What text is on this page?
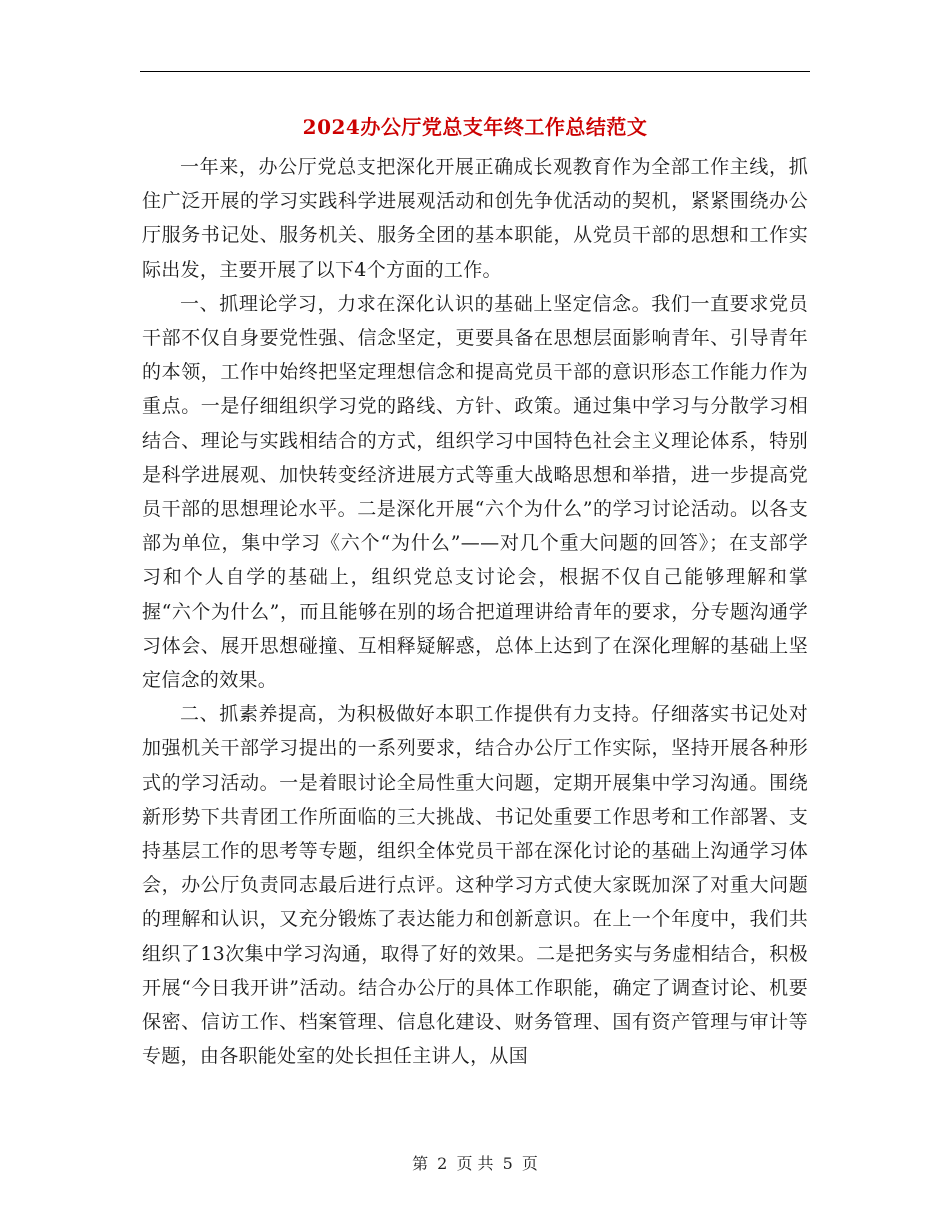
2024办公厅党总支年终工作总结范文

一年来，办公厅党总支把深化开展正确成长观教育作为全部工作主线，抓住广泛开展的学习实践科学进展观活动和创先争优活动的契机，紧紧围绕办公厅服务书记处、服务机关、服务全团的基本职能，从党员干部的思想和工作实际出发，主要开展了以下4个方面的工作。

一、抓理论学习，力求在深化认识的基础上坚定信念。我们一直要求党员干部不仅自身要党性强、信念坚定，更要具备在思想层面影响青年、引导青年的本领，工作中始终把坚定理想信念和提高党员干部的意识形态工作能力作为重点。一是仔细组织学习党的路线、方针、政策。通过集中学习与分散学习相结合、理论与实践相结合的方式，组织学习中国特色社会主义理论体系，特别是科学进展观、加快转变经济进展方式等重大战略思想和举措，进一步提高党员干部的思想理论水平。二是深化开展“六个为什么”的学习讨论活动。以各支部为单位，集中学习《六个“为什么”——对几个重大问题的回答》；在支部学习和个人自学的基础上，组织党总支讨论会，根据不仅自己能够理解和掌握“六个为什么”，而且能够在别的场合把道理讲给青年的要求，分专题沟通学习体会、展开思想碰撞、互相释疑解惑，总体上达到了在深化理解的基础上坚定信念的效果。

二、抓素养提高，为积极做好本职工作提供有力支持。仔细落实书记处对加强机关干部学习提出的一系列要求，结合办公厅工作实际，坚持开展各种形式的学习活动。一是着眼讨论全局性重大问题，定期开展集中学习沟通。围绕新形势下共青团工作所面临的三大挑战、书记处重要工作思考和工作部署、支持基层工作的思考等专题，组织全体党员干部在深化讨论的基础上沟通学习体会，办公厅负责同志最后进行点评。这种学习方式使大家既加深了对重大问题的理解和认识，又充分锻炼了表达能力和创新意识。在上一个年度中，我们共组织了13次集中学习沟通，取得了好的效果。二是把务实与务虚相结合，积极开展“今日我开讲”活动。结合办公厅的具体工作职能，确定了调查讨论、机要保密、信访工作、档案管理、信息化建设、财务管理、国有资产管理与审计等专题，由各职能处室的处长担任主讲人，从国

第 2 页 共 5 页
